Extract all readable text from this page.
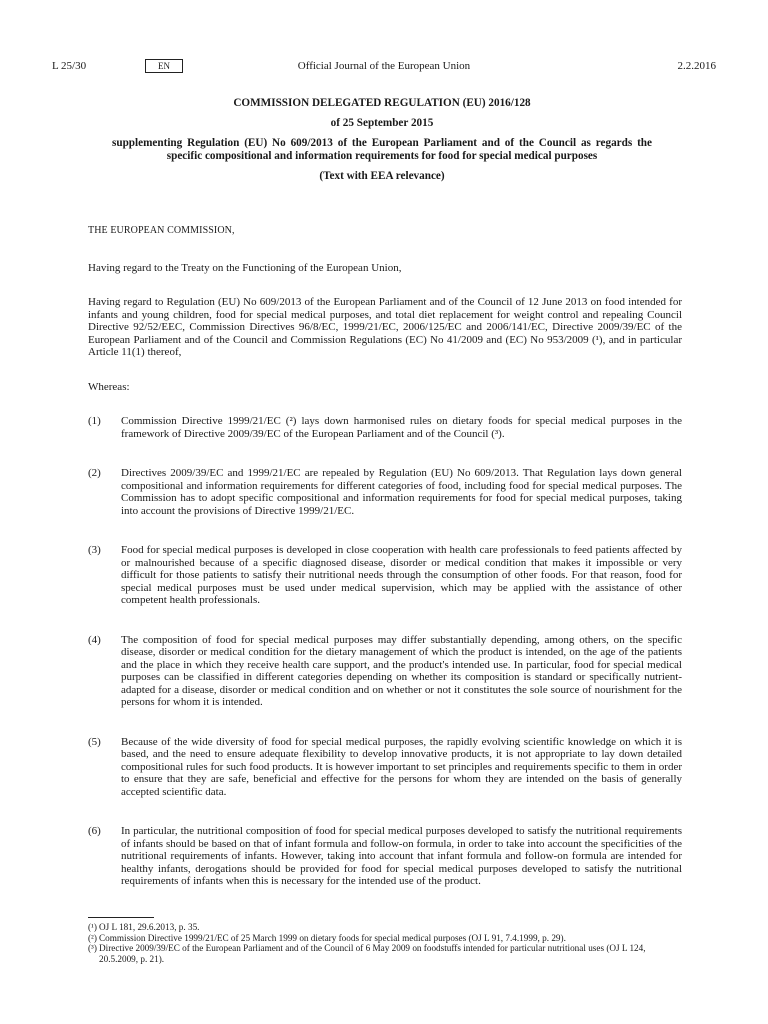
L 25/30	EN	Official Journal of the European Union	2.2.2016

COMMISSION DELEGATED REGULATION (EU) 2016/128

of 25 September 2015

supplementing Regulation (EU) No 609/2013 of the European Parliament and of the Council as regards the specific compositional and information requirements for food for special medical purposes

(Text with EEA relevance)

THE EUROPEAN COMMISSION,

Having regard to the Treaty on the Functioning of the European Union,

Having regard to Regulation (EU) No 609/2013 of the European Parliament and of the Council of 12 June 2013 on food intended for infants and young children, food for special medical purposes, and total diet replacement for weight control and repealing Council Directive 92/52/EEC, Commission Directives 96/8/EC, 1999/21/EC, 2006/125/EC and 2006/141/EC, Directive 2009/39/EC of the European Parliament and of the Council and Commission Regulations (EC) No 41/2009 and (EC) No 953/2009 (¹), and in particular Article 11(1) thereof,

Whereas:

(1)	Commission Directive 1999/21/EC (²) lays down harmonised rules on dietary foods for special medical purposes in the framework of Directive 2009/39/EC of the European Parliament and of the Council (³).
(2)	Directives 2009/39/EC and 1999/21/EC are repealed by Regulation (EU) No 609/2013. That Regulation lays down general compositional and information requirements for different categories of food, including food for special medical purposes. The Commission has to adopt specific compositional and information requirements for food for special medical purposes, taking into account the provisions of Directive 1999/21/EC.
(3)	Food for special medical purposes is developed in close cooperation with health care professionals to feed patients affected by or malnourished because of a specific diagnosed disease, disorder or medical condition that makes it impossible or very difficult for those patients to satisfy their nutritional needs through the consumption of other foods. For that reason, food for special medical purposes must be used under medical supervision, which may be applied with the assistance of other competent health professionals.
(4)	The composition of food for special medical purposes may differ substantially depending, among others, on the specific disease, disorder or medical condition for the dietary management of which the product is intended, on the age of the patients and the place in which they receive health care support, and the product's intended use. In particular, food for special medical purposes can be classified in different categories depending on whether its composition is standard or specifically nutrient-adapted for a disease, disorder or medical condition and on whether or not it constitutes the sole source of nourishment for the persons for whom it is intended.
(5)	Because of the wide diversity of food for special medical purposes, the rapidly evolving scientific knowledge on which it is based, and the need to ensure adequate flexibility to develop innovative products, it is not appropriate to lay down detailed compositional rules for such food products. It is however important to set principles and requirements specific to them in order to ensure that they are safe, beneficial and effective for the persons for whom they are intended on the basis of generally accepted scientific data.
(6)	In particular, the nutritional composition of food for special medical purposes developed to satisfy the nutritional requirements of infants should be based on that of infant formula and follow-on formula, in order to take into account the specificities of the nutritional requirements of infants. However, taking into account that infant formula and follow-on formula are intended for healthy infants, derogations should be provided for food for special medical purposes developed to satisfy the nutritional requirements of infants when this is necessary for the intended use of the product.
(¹) OJ L 181, 29.6.2013, p. 35.
(²) Commission Directive 1999/21/EC of 25 March 1999 on dietary foods for special medical purposes (OJ L 91, 7.4.1999, p. 29).
(³) Directive 2009/39/EC of the European Parliament and of the Council of 6 May 2009 on foodstuffs intended for particular nutritional uses (OJ L 124, 20.5.2009, p. 21).
